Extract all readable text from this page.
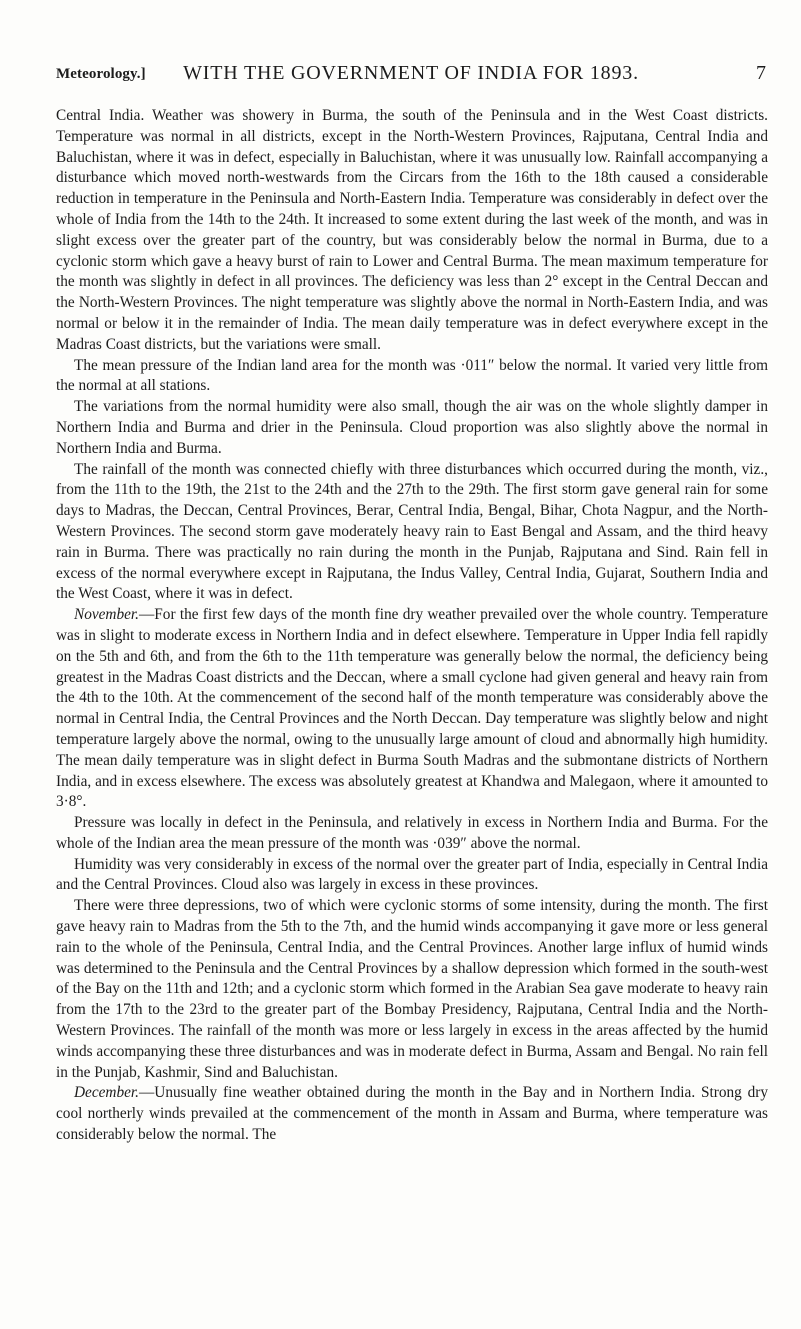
Meteorology.]	WITH THE GOVERNMENT OF INDIA FOR 1893.	7

Central India. Weather was showery in Burma, the south of the Peninsula and in the West Coast districts. Temperature was normal in all districts, except in the North-Western Provinces, Rajputana, Central India and Baluchistan, where it was in defect, especially in Baluchistan, where it was unusually low. Rainfall accompanying a disturbance which moved north-westwards from the Circars from the 16th to the 18th caused a considerable reduction in temperature in the Peninsula and North-Eastern India. Temperature was considerably in defect over the whole of India from the 14th to the 24th. It increased to some extent during the last week of the month, and was in slight excess over the greater part of the country, but was considerably below the normal in Burma, due to a cyclonic storm which gave a heavy burst of rain to Lower and Central Burma. The mean maximum temperature for the month was slightly in defect in all provinces. The deficiency was less than 2° except in the Central Deccan and the North-Western Provinces. The night temperature was slightly above the normal in North-Eastern India, and was normal or below it in the remainder of India. The mean daily temperature was in defect everywhere except in the Madras Coast districts, but the variations were small.

The mean pressure of the Indian land area for the month was ·011″ below the normal. It varied very little from the normal at all stations.

The variations from the normal humidity were also small, though the air was on the whole slightly damper in Northern India and Burma and drier in the Peninsula. Cloud proportion was also slightly above the normal in Northern India and Burma.

The rainfall of the month was connected chiefly with three disturbances which occurred during the month, viz., from the 11th to the 19th, the 21st to the 24th and the 27th to the 29th. The first storm gave general rain for some days to Madras, the Deccan, Central Provinces, Berar, Central India, Bengal, Bihar, Chota Nagpur, and the North-Western Provinces. The second storm gave moderately heavy rain to East Bengal and Assam, and the third heavy rain in Burma. There was practically no rain during the month in the Punjab, Rajputana and Sind. Rain fell in excess of the normal everywhere except in Rajputana, the Indus Valley, Central India, Gujarat, Southern India and the West Coast, where it was in defect.

November.—For the first few days of the month fine dry weather prevailed over the whole country. Temperature was in slight to moderate excess in Northern India and in defect elsewhere. Temperature in Upper India fell rapidly on the 5th and 6th, and from the 6th to the 11th temperature was generally below the normal, the deficiency being greatest in the Madras Coast districts and the Deccan, where a small cyclone had given general and heavy rain from the 4th to the 10th. At the commencement of the second half of the month temperature was considerably above the normal in Central India, the Central Provinces and the North Deccan. Day temperature was slightly below and night temperature largely above the normal, owing to the unusually large amount of cloud and abnormally high humidity. The mean daily temperature was in slight defect in Burma South Madras and the submontane districts of Northern India, and in excess elsewhere. The excess was absolutely greatest at Khandwa and Malegaon, where it amounted to 3·8°.

Pressure was locally in defect in the Peninsula, and relatively in excess in Northern India and Burma. For the whole of the Indian area the mean pressure of the month was ·039″ above the normal.

Humidity was very considerably in excess of the normal over the greater part of India, especially in Central India and the Central Provinces. Cloud also was largely in excess in these provinces.

There were three depressions, two of which were cyclonic storms of some intensity, during the month. The first gave heavy rain to Madras from the 5th to the 7th, and the humid winds accompanying it gave more or less general rain to the whole of the Peninsula, Central India, and the Central Provinces. Another large influx of humid winds was determined to the Peninsula and the Central Provinces by a shallow depression which formed in the south-west of the Bay on the 11th and 12th; and a cyclonic storm which formed in the Arabian Sea gave moderate to heavy rain from the 17th to the 23rd to the greater part of the Bombay Presidency, Rajputana, Central India and the North-Western Provinces. The rainfall of the month was more or less largely in excess in the areas affected by the humid winds accompanying these three disturbances and was in moderate defect in Burma, Assam and Bengal. No rain fell in the Punjab, Kashmir, Sind and Baluchistan.

December.—Unusually fine weather obtained during the month in the Bay and in Northern India. Strong dry cool northerly winds prevailed at the commencement of the month in Assam and Burma, where temperature was considerably below the normal. The
